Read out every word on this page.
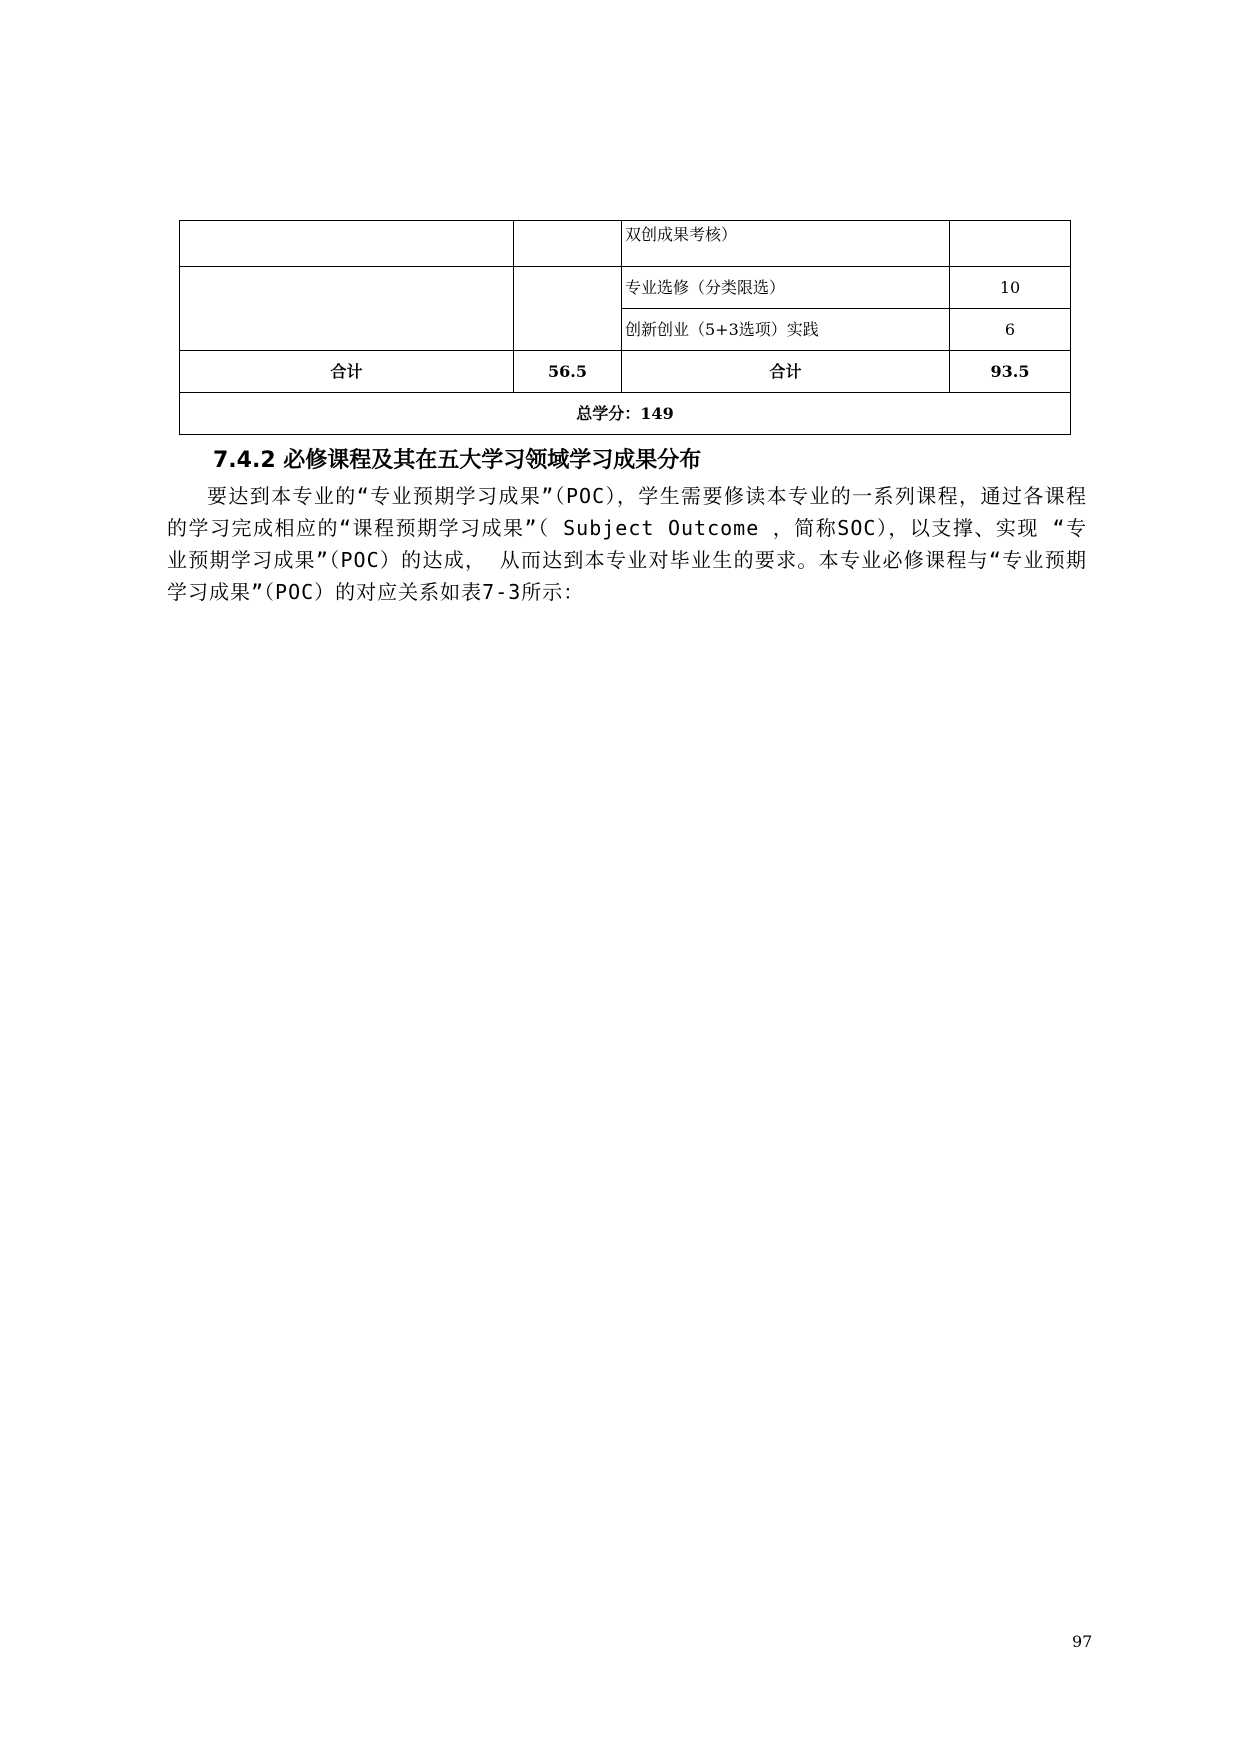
		双创成果考核）	
		专业选修（分类限选）	10
		创新创业（5+3选项）实践	6
合计	56.5	合计	93.5
总学分：149			
7.4.2 必修课程及其在五大学习领域学习成果分布

要达到本专业的“专业预期学习成果”（POC），学生需要修读本专业的一系列课程，通过各课程的学习完成相应的“课程预期学习成果”（ Subject Outcome ，简称SOC），以支撑、实现 “专业预期学习成果”（POC）的达成， 从而达到本专业对毕业生的要求。本专业必修课程与“专业预期学习成果”（POC）的对应关系如表7-3所示：

97
